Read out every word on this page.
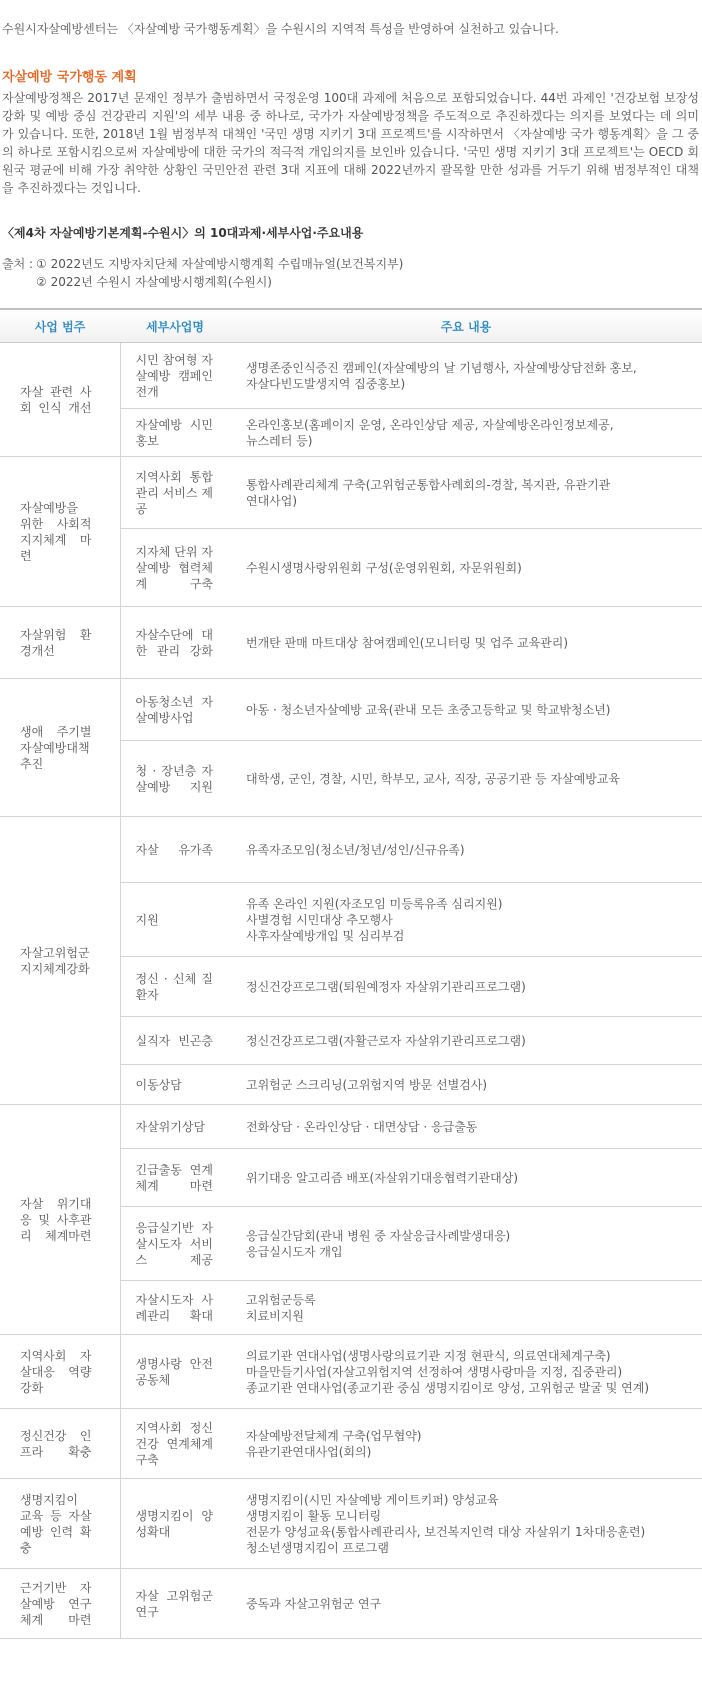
수원시자살예방센터는 〈자살예방 국가행동계획〉을 수원시의 지역적 특성을 반영하여 실천하고 있습니다.
자살예방 국가행동 계획
자살예방정책은 2017년 문재인 정부가 출범하면서 국정운영 100대 과제에 처음으로 포함되었습니다. 44번 과제인 '건강보험 보장성 강화 및 예방 중심 건강관리 지원'의 세부 내용 중 하나로, 국가가 자살예방정책을 주도적으로 추진하겠다는 의지를 보였다는 데 의미가 있습니다. 또한, 2018년 1월 범정부적 대책인 '국민 생명 지키기 3대 프로젝트'를 시작하면서 〈자살예방 국가 행동계획〉을 그 중의 하나로 포함시킴으로써 자살예방에 대한 국가의 적극적 개입의지를 보인바 있습니다. '국민 생명 지키기 3대 프로젝트'는 OECD 회원국 평균에 비해 가장 취약한 상황인 국민안전 관련 3대 지표에 대해 2022년까지 괄목할 만한 성과를 거두기 위해 범정부적인 대책을 추진하겠다는 것입니다.
〈제4차 자살예방기본계획-수원시〉의 10대과제·세부사업·주요내용
출처 : ① 2022년도 지방자치단체 자살예방시행계획 수립매뉴얼(보건복지부)
② 2022년 수원시 자살예방시행계획(수원시)
사업 범주	세부사업명	주요 내용
자살 관련 사회 인식 개선	시민 참여형 자살예방 캠페인 전개	생명존중인식증진 캠페인(자살예방의 날 기념행사, 자살예방상담전화 홍보,
자살다빈도발생지역 집중홍보)
	자살예방 시민 홍보	온라인홍보(홈페이지 운영, 온라인상담 제공, 자살예방온라인정보제공,
뉴스레터 등)
자살예방을 위한 사회적 지지체계 마련	지역사회 통합관리 서비스 제공	통합사례관리체계 구축(고위험군통합사례회의-경찰, 복지관, 유관기관
연대사업)
	지자체 단위 자살예방 협력체계 구축	수원시생명사랑위원회 구성(운영위원회, 자문위원회)
자살위험 환경개선	자살수단에 대한 관리 강화	번개탄 판매 마트대상 참여캠페인(모니터링 및 업주 교육관리)
생애 주기별 자살예방대책 추진	아동청소년 자살예방사업	아동 · 청소년자살예방 교육(관내 모든 초중고등학교 및 학교밖청소년)
	청 · 장년층 자살예방 지원	대학생, 군인, 경찰, 시민, 학부모, 교사, 직장, 공공기관 등 자살예방교육
자살고위험군 지지체계강화	자살 유가족	유족자조모임(청소년/청년/성인/신규유족)
	지원	유족 온라인 지원(자조모임 미등록유족 심리지원)
사별경험 시민대상 추모행사
사후자살예방개입 및 심리부검
	정신 · 신체 질환자	정신건강프로그램(퇴원예정자 자살위기관리프로그램)
	실직자 빈곤층	정신건강프로그램(자활근로자 자살위기관리프로그램)
	이동상담	고위험군 스크리닝(고위험지역 방문 선별검사)
자살 위기대응 및 사후관리 체계마련	자살위기상담	전화상담 · 온라인상담 · 대면상담 · 응급출동
	긴급출동 연계체계 마련	위기대응 알고리즘 배포(자살위기대응협력기관대상)
	응급실기반 자살시도자 서비스 제공	응급실간담회(관내 병원 중 자살응급사례발생대응)
응급실시도자 개입
	자살시도자 사례관리 확대	고위험군등록
치료비지원
지역사회 자살대응 역량강화	생명사랑 안전공동체	의료기관 연대사업(생명사랑의료기관 지정 현판식, 의료연대체계구축)
마을만들기사업(자살고위험지역 선정하여 생명사랑마을 지정, 집중관리)
종교기관 연대사업(종교기관 중심 생명지킴이로 양성, 고위험군 발굴 및 연계)
정신건강 인프라 확충	지역사회 정신건강 연계체계 구축	자살예방전달체계 구축(업무협약)
유관기관연대사업(회의)
생명지킴이 교육 등 자살 예방 인력 확충	생명지킴이 양성확대	생명지킴이(시민 자살예방 게이트키퍼) 양성교육
생명지킴이 활동 모니터링
전문가 양성교육(통합사례관리사, 보건복지인력 대상 자살위기 1차대응훈련)
청소년생명지킴이 프로그램
근거기반 자살예방 연구체계 마련	자살 고위험군 연구	중독과 자살고위험군 연구
